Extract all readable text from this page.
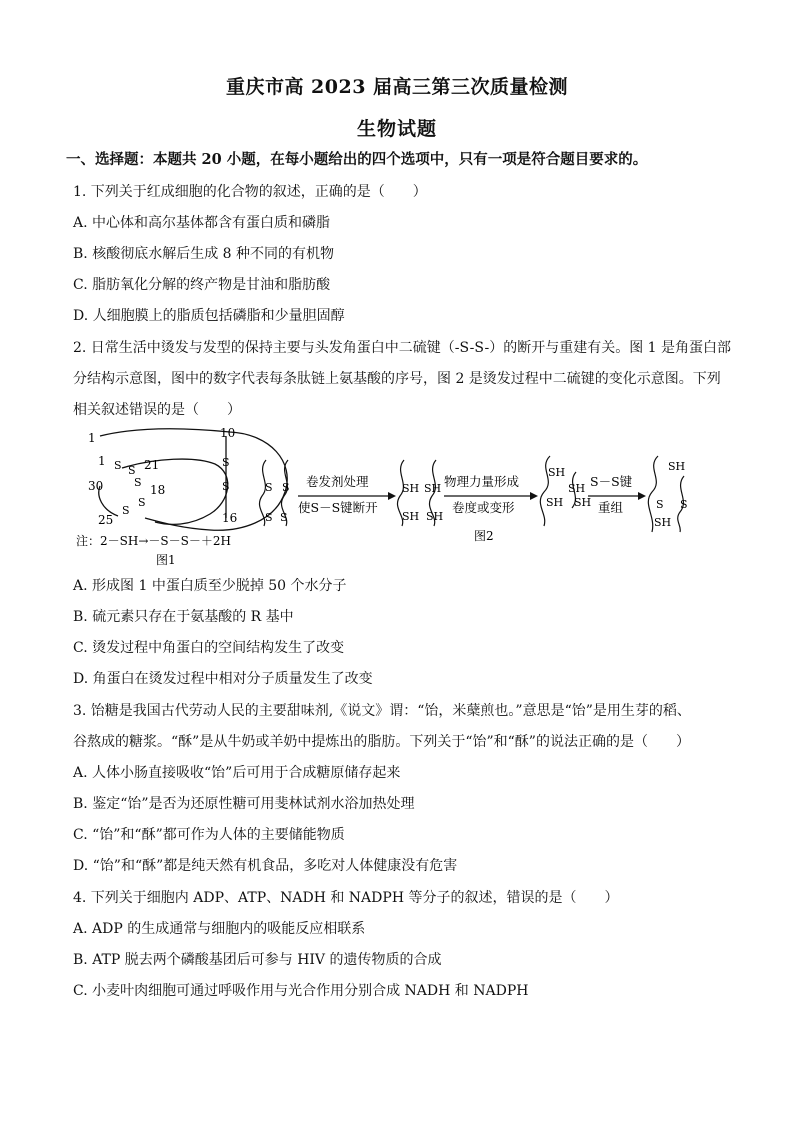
重庆市高 2023 届高三第三次质量检测
生物试题
一、选择题：本题共 20 小题，在每小题给出的四个选项中，只有一项是符合题目要求的。
1. 下列关于红成细胞的化合物的叙述，正确的是（　　）
A. 中心体和高尔基体都含有蛋白质和磷脂
B. 核酸彻底水解后生成 8 种不同的有机物
C. 脂肪氧化分解的终产物是甘油和脂肪酸
D. 人细胞膜上的脂质包括磷脂和少量胆固醇
2. 日常生活中烫发与发型的保持主要与头发角蛋白中二硫键（-S-S-）的断开与重建有关。图 1 是角蛋白部
分结构示意图，图中的数字代表每条肽链上氨基酸的序号，图 2 是烫发过程中二硫键的变化示意图。下列
相关叙述错误的是（　　）
1	10
1 S S 21
30	S
18
S
S
S
S
25	16
注：2－SH→－S－S－＋2H
图1
S S
S S
卷发剂处理
使S－S键断开
SH SH
SH SH
物理力量形成
卷度或变形
SH
SH
SH SH
S－S键
重组
SH
S S
SH
图2
A. 形成图 1 中蛋白质至少脱掉 50 个水分子
B. 硫元素只存在于氨基酸的 R 基中
C. 烫发过程中角蛋白的空间结构发生了改变
D. 角蛋白在烫发过程中相对分子质量发生了改变
3. 饴糖是我国古代劳动人民的主要甜味剂,《说文》谓：“饴，米蘖煎也。”意思是“饴”是用生芽的稻、
谷熬成的糖浆。“酥”是从牛奶或羊奶中提炼出的脂肪。下列关于“饴”和“酥”的说法正确的是（　　）
A. 人体小肠直接吸收“饴”后可用于合成糖原储存起来
B. 鉴定“饴”是否为还原性糖可用斐林试剂水浴加热处理
C. “饴”和“酥”都可作为人体的主要储能物质
D. “饴”和“酥”都是纯天然有机食品，多吃对人体健康没有危害
4. 下列关于细胞内 ADP、ATP、NADH 和 NADPH 等分子的叙述，错误的是（　　）
A. ADP 的生成通常与细胞内的吸能反应相联系
B. ATP 脱去两个磷酸基团后可参与 HIV 的遗传物质的合成
C. 小麦叶肉细胞可通过呼吸作用与光合作用分别合成 NADH 和 NADPH
